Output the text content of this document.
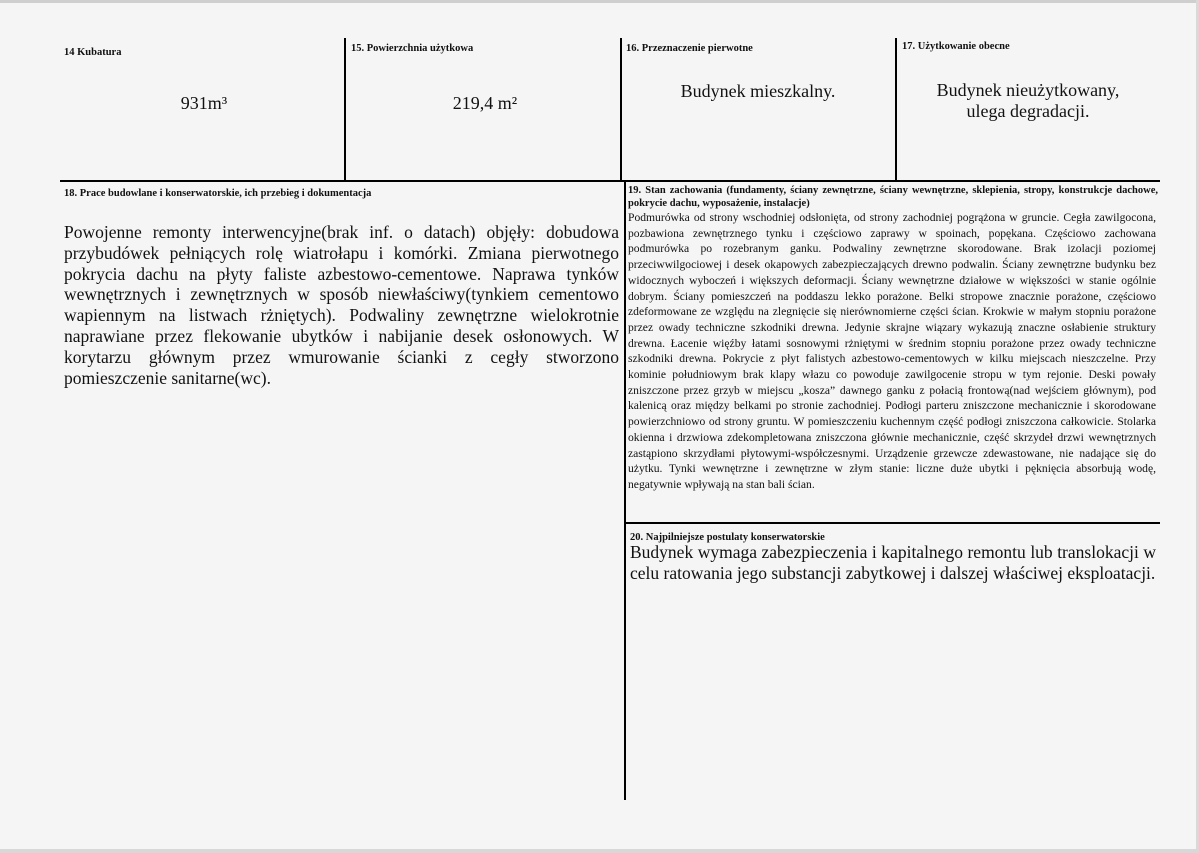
14 Kubatura
931m³
15. Powierzchnia użytkowa
219,4 m²
16. Przeznaczenie pierwotne
Budynek mieszkalny.
17. Użytkowanie obecne
Budynek nieużytkowany, ulega degradacji.
18. Prace budowlane i konserwatorskie, ich przebieg i dokumentacja
Powojenne remonty interwencyjne(brak inf. o datach) objęły: dobudowa przybudówek pełniących rolę wiatrołapu i komórki. Zmiana pierwotnego pokrycia dachu na płyty faliste azbestowo-cementowe. Naprawa tynków wewnętrznych i zewnętrznych w sposób niewłaściwy(tynkiem cementowo wapiennym na listwach rżniętych). Podwaliny zewnętrzne wielokrotnie naprawiane przez flekowanie ubytków i nabijanie desek osłonowych. W korytarzu głównym przez wmurowanie ścianki z cegły stworzono pomieszczenie sanitarne(wc).
19. Stan zachowania (fundamenty, ściany zewnętrzne, ściany wewnętrzne, sklepienia, stropy, konstrukcje dachowe, pokrycie dachu, wyposażenie, instalacje)
Podmurówka od strony wschodniej odsłonięta, od strony zachodniej pogrążona w gruncie. Cegła zawilgocona, pozbawiona zewnętrznego tynku i częściowo zaprawy w spoinach, popękana. Częściowo zachowana podmurówka po rozebranym ganku. Podwaliny zewnętrzne skorodowane. Brak izolacji poziomej przeciwwilgociowej i desek okapowych zabezpieczających drewno podwalin. Ściany zewnętrzne budynku bez widocznych wyboczeń i większych deformacji. Ściany wewnętrzne działowe w większości w stanie ogólnie dobrym. Ściany pomieszczeń na poddaszu lekko porażone. Belki stropowe znacznie porażone, częściowo zdeformowane ze względu na zlegnięcie się nierównomierne części ścian. Krokwie w małym stopniu porażone przez owady techniczne szkodniki drewna. Jedynie skrajne wiązary wykazują znaczne osłabienie struktury drewna. Łacenie więźby łatami sosnowymi rżniętymi w średnim stopniu porażone przez owady techniczne szkodniki drewna. Pokrycie z płyt falistych azbestowo-cementowych w kilku miejscach nieszczelne. Przy kominie południowym brak klapy włazu co powoduje zawilgocenie stropu w tym rejonie. Deski powały zniszczone przez grzyb w miejscu „kosza” dawnego ganku z połacią frontową(nad wejściem głównym), pod kalenicą oraz między belkami po stronie zachodniej. Podłogi parteru zniszczone mechanicznie i skorodowane powierzchniowo od strony gruntu. W pomieszczeniu kuchennym część podłogi zniszczona całkowicie. Stolarka okienna i drzwiowa zdekompletowana zniszczona głównie mechanicznie, część skrzydeł drzwi wewnętrznych zastąpiono skrzydłami płytowymi-współczesnymi. Urządzenie grzewcze zdewastowane, nie nadające się do użytku. Tynki wewnętrzne i zewnętrzne w złym stanie: liczne duże ubytki i pęknięcia absorbują wodę, negatywnie wpływają na stan bali ścian.
20. Najpilniejsze postulaty konserwatorskie
Budynek wymaga zabezpieczenia i kapitalnego remontu lub translokacji w celu ratowania jego substancji zabytkowej i dalszej właściwej eksploatacji.
